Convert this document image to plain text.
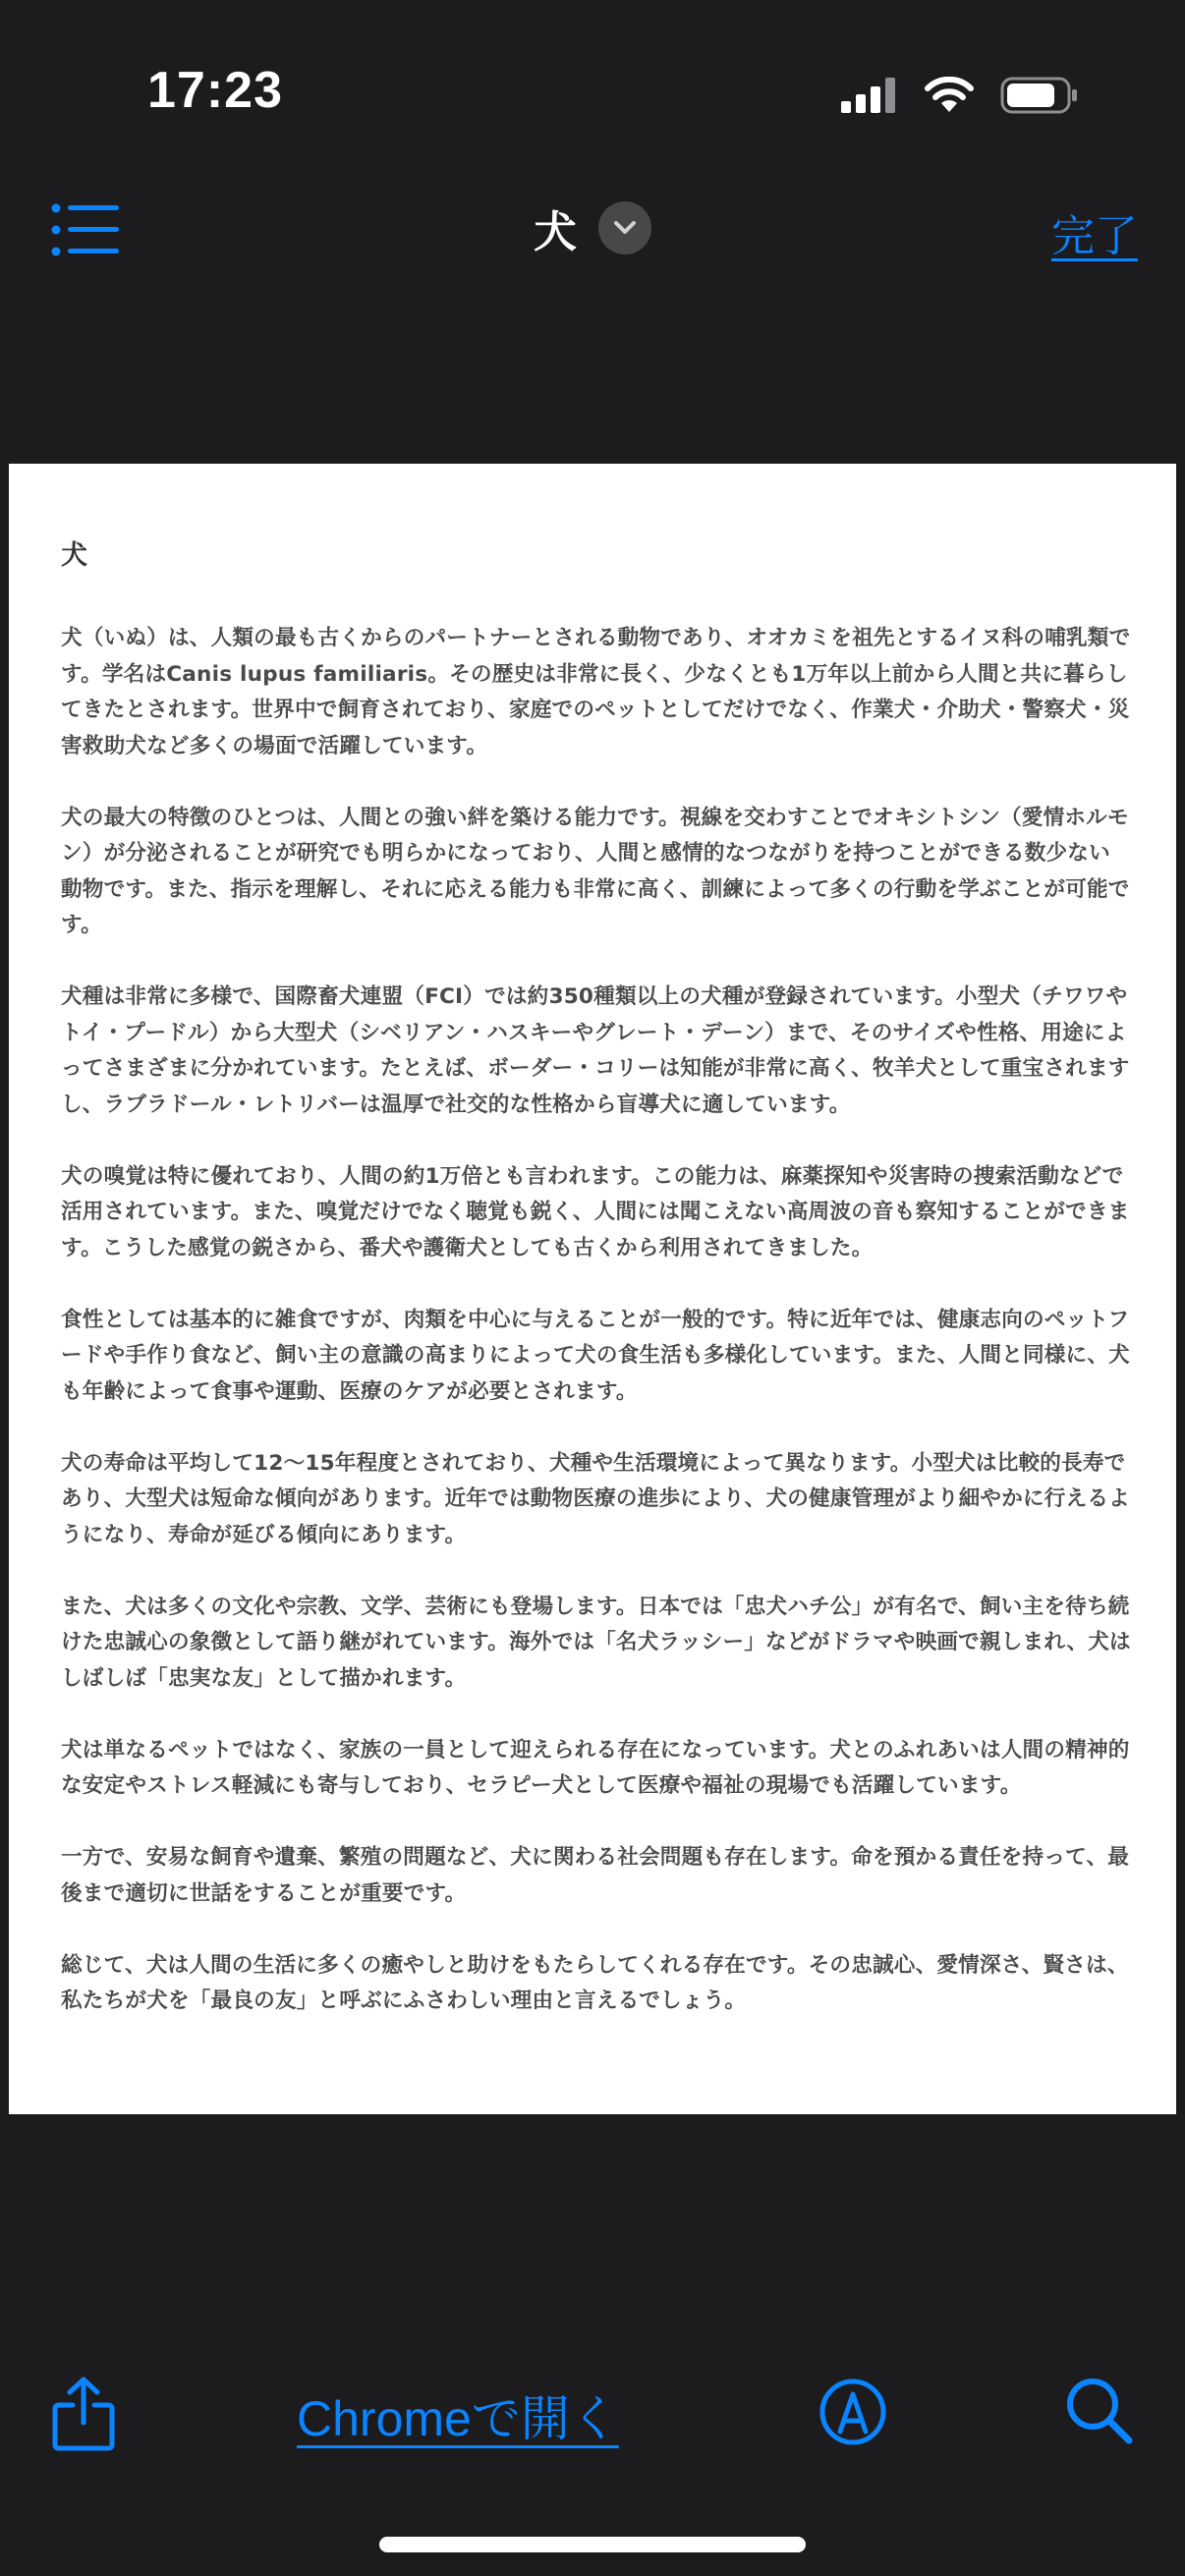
17:23
犬	完了
犬

犬（いぬ）は、人類の最も古くからのパートナーとされる動物であり、オオカミを祖先とするイヌ科の哺乳類です。学名はCanis lupus familiaris。その歴史は非常に長く、少なくとも1万年以上前から人間と共に暮らしてきたとされます。世界中で飼育されており、家庭でのペットとしてだけでなく、作業犬・介助犬・警察犬・災害救助犬など多くの場面で活躍しています。

犬の最大の特徴のひとつは、人間との強い絆を築ける能力です。視線を交わすことでオキシトシン（愛情ホルモン）が分泌されることが研究でも明らかになっており、人間と感情的なつながりを持つことができる数少ない動物です。また、指示を理解し、それに応える能力も非常に高く、訓練によって多くの行動を学ぶことが可能です。

犬種は非常に多様で、国際畜犬連盟（FCI）では約350種類以上の犬種が登録されています。小型犬（チワワやトイ・プードル）から大型犬（シベリアン・ハスキーやグレート・デーン）まで、そのサイズや性格、用途によってさまざまに分かれています。たとえば、ボーダー・コリーは知能が非常に高く、牧羊犬として重宝されますし、ラブラドール・レトリバーは温厚で社交的な性格から盲導犬に適しています。

犬の嗅覚は特に優れており、人間の約1万倍とも言われます。この能力は、麻薬探知や災害時の捜索活動などで活用されています。また、嗅覚だけでなく聴覚も鋭く、人間には聞こえない高周波の音も察知することができます。こうした感覚の鋭さから、番犬や護衛犬としても古くから利用されてきました。

食性としては基本的に雑食ですが、肉類を中心に与えることが一般的です。特に近年では、健康志向のペットフードや手作り食など、飼い主の意識の高まりによって犬の食生活も多様化しています。また、人間と同様に、犬も年齢によって食事や運動、医療のケアが必要とされます。

犬の寿命は平均して12〜15年程度とされており、犬種や生活環境によって異なります。小型犬は比較的長寿であり、大型犬は短命な傾向があります。近年では動物医療の進歩により、犬の健康管理がより細やかに行えるようになり、寿命が延びる傾向にあります。

また、犬は多くの文化や宗教、文学、芸術にも登場します。日本では「忠犬ハチ公」が有名で、飼い主を待ち続けた忠誠心の象徴として語り継がれています。海外では「名犬ラッシー」などがドラマや映画で親しまれ、犬はしばしば「忠実な友」として描かれます。

犬は単なるペットではなく、家族の一員として迎えられる存在になっています。犬とのふれあいは人間の精神的な安定やストレス軽減にも寄与しており、セラピー犬として医療や福祉の現場でも活躍しています。

一方で、安易な飼育や遺棄、繁殖の問題など、犬に関わる社会問題も存在します。命を預かる責任を持って、最後まで適切に世話をすることが重要です。

総じて、犬は人間の生活に多くの癒やしと助けをもたらしてくれる存在です。その忠誠心、愛情深さ、賢さは、私たちが犬を「最良の友」と呼ぶにふさわしい理由と言えるでしょう。

Chromeで開く
